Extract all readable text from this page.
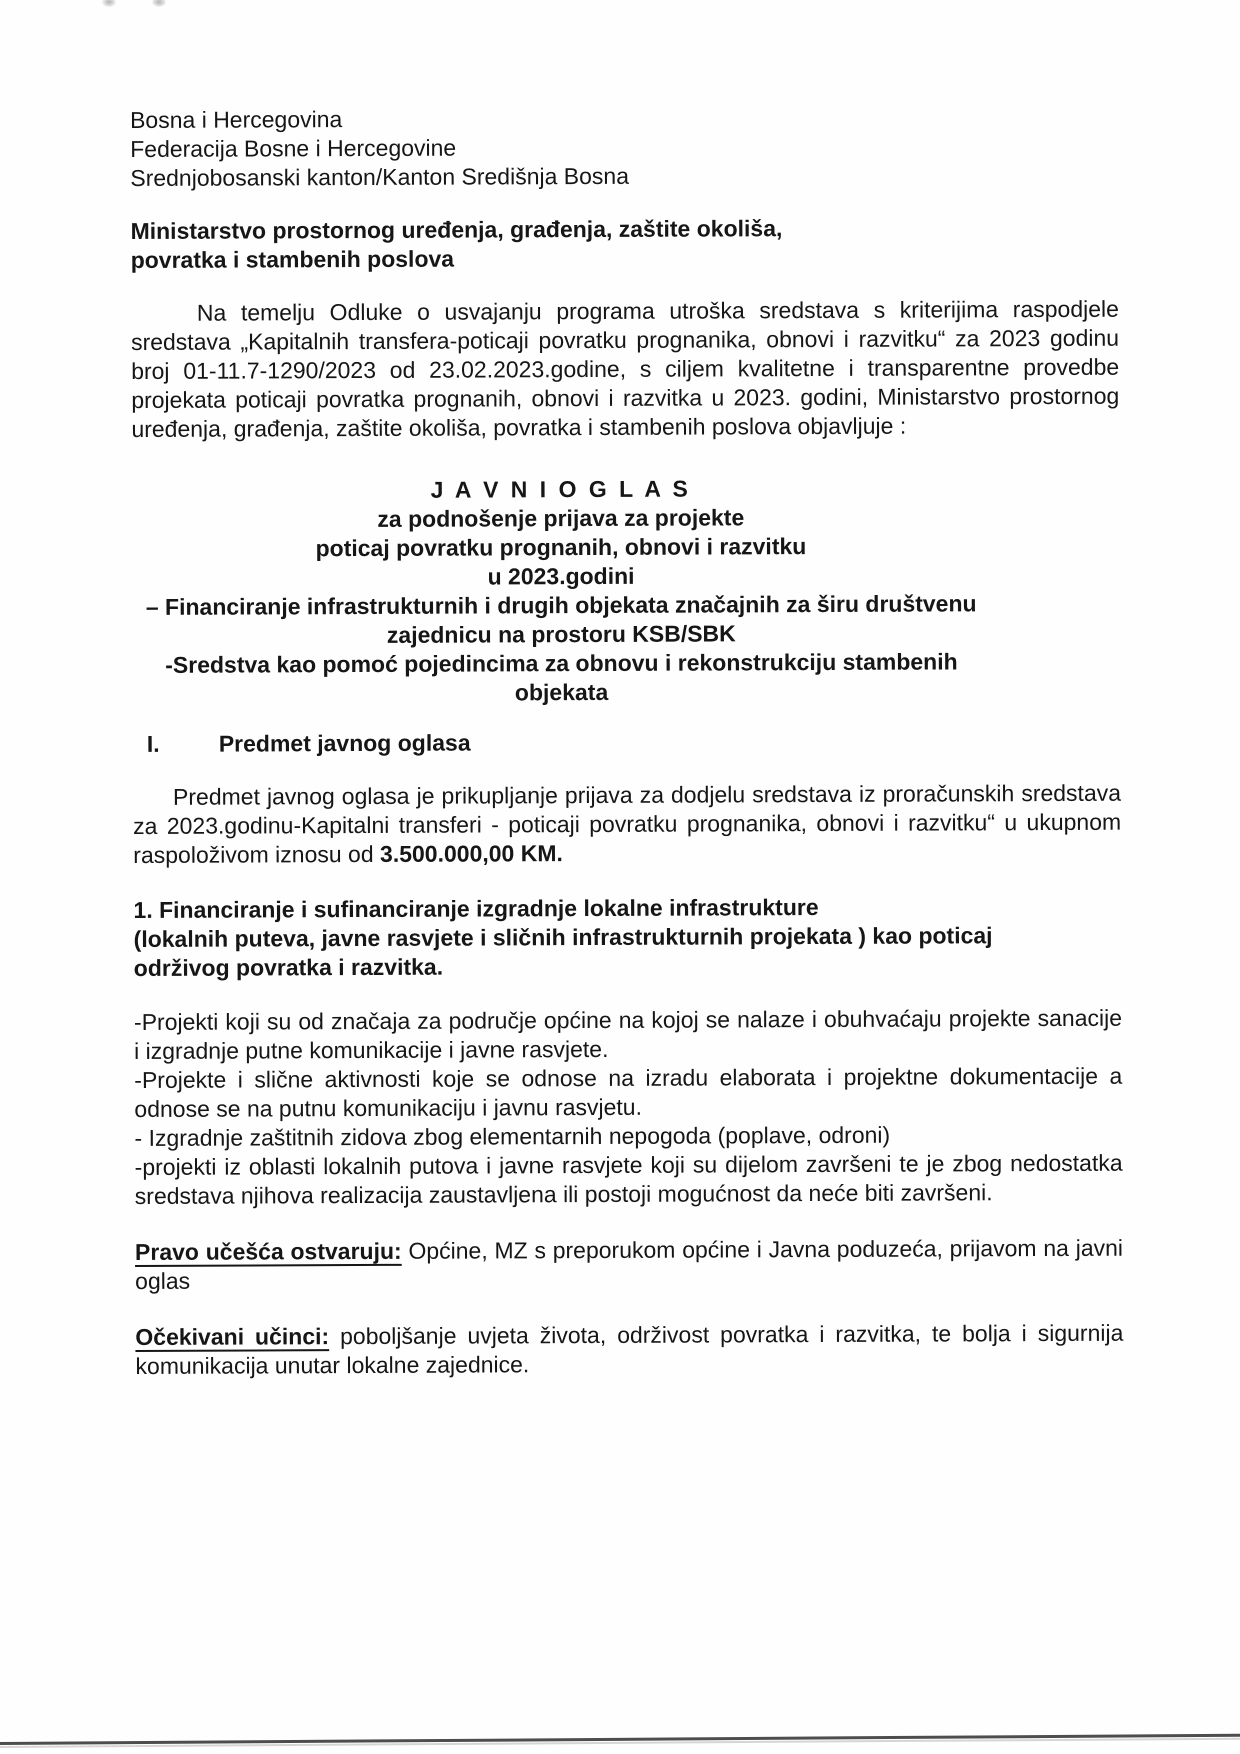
Bosna i Hercegovina
Federacija Bosne i Hercegovine
Srednjobosanski kanton/Kanton Središnja Bosna
Ministarstvo prostornog uređenja, građenja, zaštite okoliša,
povratka i stambenih poslova
Na temelju Odluke o usvajanju programa utroška sredstava s kriterijima raspodjele sredstava „Kapitalnih transfera-poticaji povratku prognanika, obnovi i razvitku“ za 2023 godinu broj 01-11.7-1290/2023 od 23.02.2023.godine, s ciljem kvalitetne i transparentne provedbe projekata poticaji povratka prognanih, obnovi i razvitka u 2023. godini, Ministarstvo prostornog uređenja, građenja, zaštite okoliša, povratka i stambenih poslova objavljuje :
J A V N I O G L A S
za podnošenje prijava za projekte
poticaj povratku prognanih, obnovi i razvitku
u 2023.godini
– Financiranje infrastrukturnih i drugih objekata značajnih za širu društvenu
zajednicu na prostoru KSB/SBK
-Sredstva kao pomoć pojedincima za obnovu i rekonstrukciju stambenih
objekata
I.	Predmet javnog oglasa
Predmet javnog oglasa je prikupljanje prijava za dodjelu sredstava iz proračunskih sredstava za 2023.godinu-Kapitalni transferi - poticaji povratku prognanika, obnovi i razvitku“ u ukupnom raspoloživom iznosu od 3.500.000,00 KM.
1. Financiranje i sufinanciranje izgradnje lokalne infrastrukture
(lokalnih puteva, javne rasvjete i sličnih infrastrukturnih projekata ) kao poticaj
održivog povratka i razvitka.

-Projekti koji su od značaja za područje općine na kojoj se nalaze i obuhvaćaju projekte sanacije i izgradnje putne komunikacije i javne rasvjete.

-Projekte i slične aktivnosti koje se odnose na izradu elaborata i projektne dokumentacije a odnose se na putnu komunikaciju i javnu rasvjetu.

- Izgradnje zaštitnih zidova zbog elementarnih nepogoda (poplave, odroni)

-projekti iz oblasti lokalnih putova i javne rasvjete koji su dijelom završeni te je zbog nedostatka sredstava njihova realizacija zaustavljena ili postoji mogućnost da neće biti završeni.

Pravo učešća ostvaruju: Općine, MZ s preporukom općine i Javna poduzeća, prijavom na javni oglas
Očekivani učinci: poboljšanje uvjeta života, održivost povratka i razvitka, te bolja i sigurnija komunikacija unutar lokalne zajednice.
